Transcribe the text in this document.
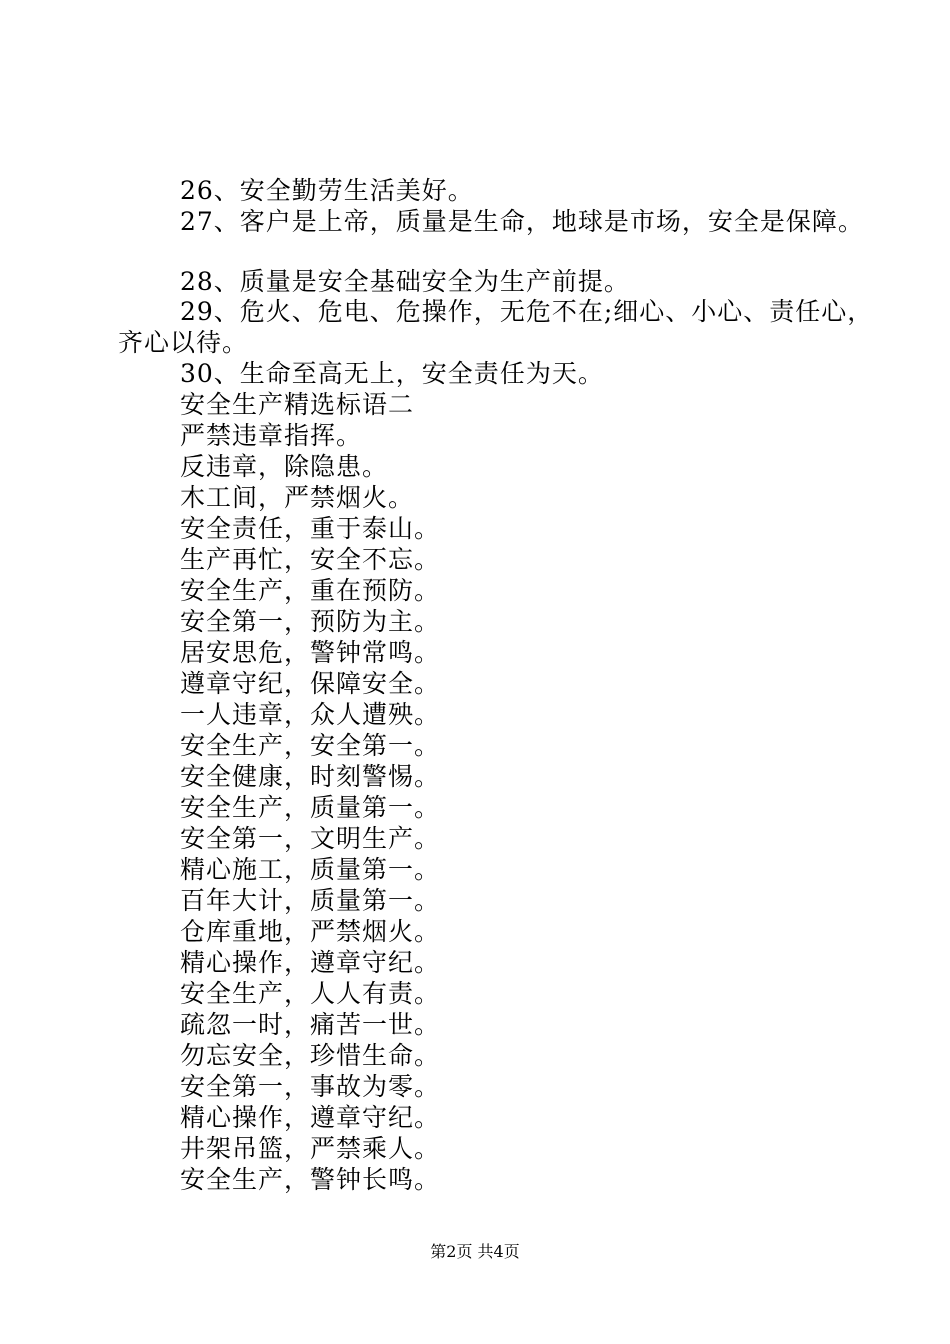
26、安全勤劳生活美好。
27、客户是上帝，质量是生命，地球是市场，安全是保障。
28、质量是安全基础安全为生产前提。
29、危火、危电、危操作，无危不在;细心、小心、责任心，
齐心以待。
30、生命至高无上，安全责任为天。
安全生产精选标语二
严禁违章指挥。
反违章，除隐患。
木工间，严禁烟火。
安全责任，重于泰山。
生产再忙，安全不忘。
安全生产，重在预防。
安全第一，预防为主。
居安思危，警钟常鸣。
遵章守纪，保障安全。
一人违章，众人遭殃。
安全生产，安全第一。
安全健康，时刻警惕。
安全生产，质量第一。
安全第一，文明生产。
精心施工，质量第一。
百年大计，质量第一。
仓库重地，严禁烟火。
精心操作，遵章守纪。
安全生产，人人有责。
疏忽一时，痛苦一世。
勿忘安全，珍惜生命。
安全第一，事故为零。
精心操作，遵章守纪。
井架吊篮，严禁乘人。
安全生产，警钟长鸣。
第2页 共4页
